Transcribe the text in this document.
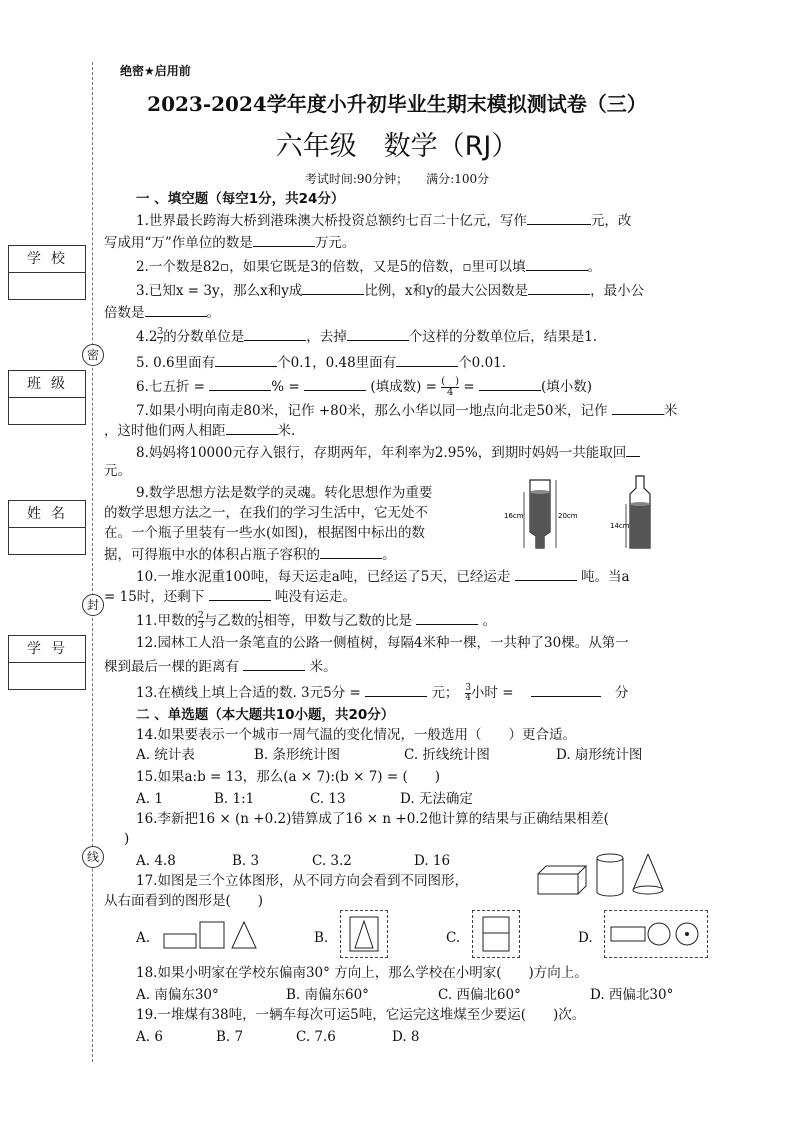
密
封
线
学校
班级
姓名
学号
绝密★启用前
2023-2024学年度小升初毕业生期末模拟测试卷（三）
六年级　数学（RJ）
考试时间:90分钟；　　满分:100分
一 、填空题（每空1分，共24分）
1.世界最长跨海大桥到港珠澳大桥投资总额约七百二十亿元，写作	元，改
写成用“万”作单位的数是	万元。
2.一个数是82▫，如果它既是3的倍数，又是5的倍数，▫里可以填	。
3.已知x = 3y，那么x和y成	比例，x和y的最大公因数是	，最小公
倍数是	。
$4.2 \frac{3}{7}$ 的分数单位是	，去掉	个这样的分数单位后，结果是1.
5. 0.6里面有	个0.1，0.48里面有	个0.01.
6.七五折 =	% =	(填成数) = $\frac{( )}{4}$ =	(填小数)
7.如果小明向南走80米，记作 +80米，那么小华以同一地点向北走50米，记作	米
，这时他们两人相距	米.
8.妈妈将10000元存入银行，存期两年，年利率为2.95%，到期时妈妈一共能取回
元。
9.数学思想方法是数学的灵魂。转化思想作为重要
的数学思想方法之一，在我们的学习生活中，它无处不
在。一个瓶子里装有一些水(如图)，根据图中标出的数
据，可得瓶中水的体积占瓶子容积的	。
16cm	20cm
14cm
10.一堆水泥重100吨，每天运走a吨，已经运了5天，已经运走	吨。当a
= 15时，还剩下	吨没有运走。
11.甲数的 $\frac{2}{3}$ 与乙数的 $\frac{1}{5}$ 相等，甲数与乙数的比是	。
12.园林工人沿一条笔直的公路一侧植树，每隔4米种一棵，一共种了30棵。从第一
棵到最后一棵的距离有	米。
13.在横线上填上合适的数. 3元5分 =	元；　 $\frac{3}{4}$ 小时 =　 　	分
二 、单选题（本大题共10小题，共20分）
14.如果要表示一个城市一周气温的变化情况，一般选用（　　）更合适。
A. 统计表	B. 条形统计图	C. 折线统计图	D. 扇形统计图
15.如果a:b = 13，那么(a × 7):(b × 7) = (　　)
A. 1	B. 1:1	C. 13	D. 无法确定
16.李新把16 × (n +0.2)错算成了16 × n +0.2他计算的结果与正确结果相差(
)
A. 4.8	B. 3	C. 3.2	D. 16
17.如图是三个立体图形，从不同方向会看到不同图形，
从右面看到的图形是(　　)
A.	B.	C.	D.
18.如果小明家在学校东偏南30° 方向上，那么学校在小明家(　　)方向上。
A. 南偏东30°	B. 南偏东60°	C. 西偏北60°	D. 西偏北30°
19.一堆煤有38吨，一辆车每次可运5吨，它运完这堆煤至少要运(　　)次。
A. 6	B. 7	C. 7.6	D. 8
